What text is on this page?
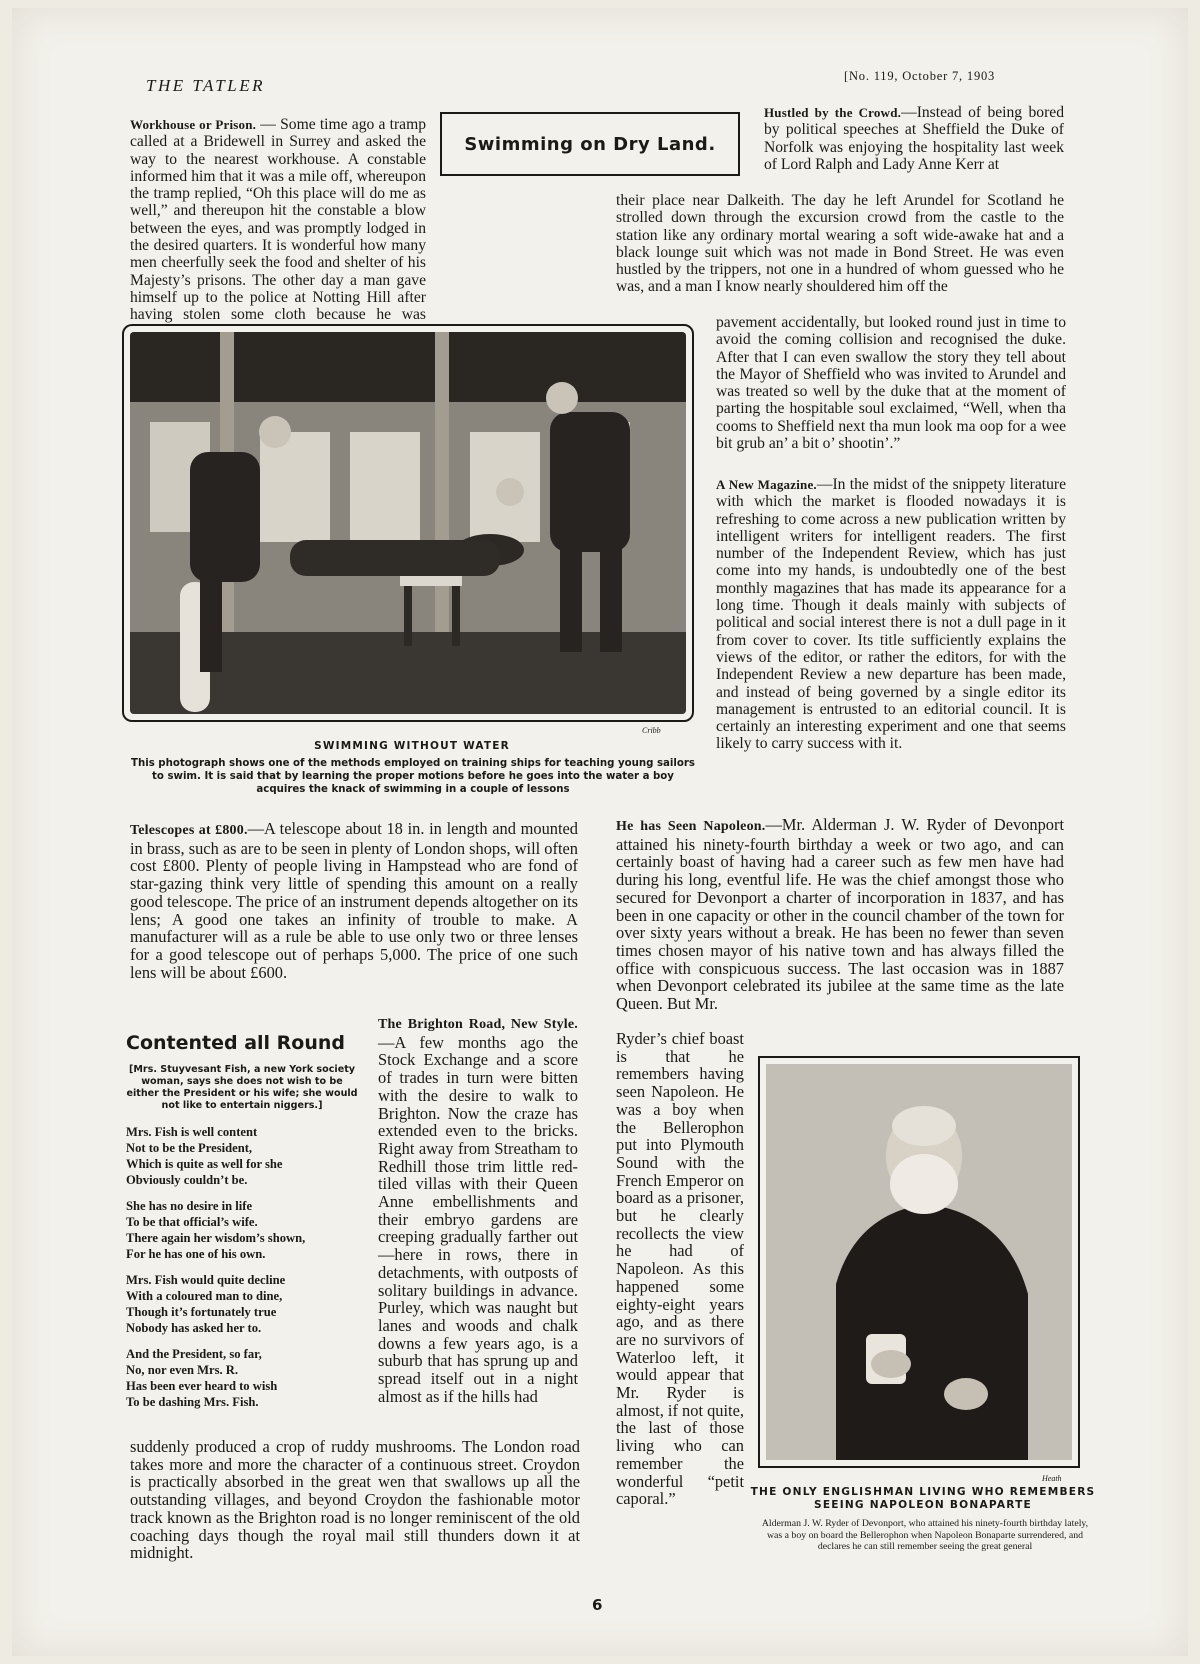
THE TATLER	[No. 119, October 7, 1903
Workhouse or Prison. — Some time ago a tramp called at a Bridewell in Surrey and asked the way to the nearest workhouse. A constable informed him that it was a mile off, whereupon the tramp replied, “Oh this place will do me as well,” and thereupon hit the constable a blow between the eyes, and was promptly lodged in the desired quarters. It is wonderful how many men cheerfully seek the food and shelter of his Majesty’s prisons. The other day a man gave himself up to the police at Notting Hill after having stolen some cloth because he was
Swimming on Dry Land.
Hustled by the Crowd.—Instead of being bored by political speeches at Sheffield the Duke of Norfolk was enjoying the hospitality last week of Lord Ralph and Lady Anne Kerr at
their place near Dalkeith. The day he left Arundel for Scotland he strolled down through the excursion crowd from the castle to the station like any ordinary mortal wearing a soft wide-awake hat and a black lounge suit which was not made in Bond Street. He was even hustled by the trippers, not one in a hundred of whom guessed who he was, and a man I know nearly shouldered him off the
pavement accidentally, but looked round just in time to avoid the coming collision and recognised the duke. After that I can even swallow the story they tell about the Mayor of Sheffield who was invited to Arundel and was treated so well by the duke that at the moment of parting the hospitable soul exclaimed, “Well, when tha cooms to Sheffield next tha mun look ma oop for a wee bit grub an’ a bit o’ shootin’.”
Cribb
SWIMMING WITHOUT WATER
This photograph shows one of the methods employed on training ships for teaching young sailors to swim. It is said that by learning the proper motions before he goes into the water a boy acquires the knack of swimming in a couple of lessons
A New Magazine.—In the midst of the snippety literature with which the market is flooded nowadays it is refreshing to come across a new publication written by intelligent writers for intelligent readers. The first number of the Independent Review, which has just come into my hands, is undoubtedly one of the best monthly magazines that has made its appearance for a long time. Though it deals mainly with subjects of political and social interest there is not a dull page in it from cover to cover. Its title sufficiently explains the views of the editor, or rather the editors, for with the Independent Review a new departure has been made, and instead of being governed by a single editor its management is entrusted to an editorial council. It is certainly an interesting experiment and one that seems likely to carry success with it.
Telescopes at £800.—A telescope about 18 in. in length and mounted in brass, such as are to be seen in plenty of London shops, will often cost £800. Plenty of people living in Hampstead who are fond of star-gazing think very little of spending this amount on a really good telescope. The price of an instrument depends altogether on its lens; A good one takes an infinity of trouble to make. A manufacturer will as a rule be able to use only two or three lenses for a good telescope out of perhaps 5,000. The price of one such lens will be about £600.
He has Seen Napoleon.—Mr. Alderman J. W. Ryder of Devonport attained his ninety-fourth birthday a week or two ago, and can certainly boast of having had a career such as few men have had during his long, eventful life. He was the chief amongst those who secured for Devonport a charter of incorporation in 1837, and has been in one capacity or other in the council chamber of the town for over sixty years without a break. He has been no fewer than seven times chosen mayor of his native town and has always filled the office with conspicuous success. The last occasion was in 1887 when Devonport celebrated its jubilee at the same time as the late Queen. But Mr.
Ryder’s chief boast is that he remembers having seen Napoleon. He was a boy when the Bellerophon put into Plymouth Sound with the French Emperor on board as a prisoner, but he clearly recollects the view he had of Napoleon. As this happened some eighty-eight years ago, and as there are no survivors of Waterloo left, it would appear that Mr. Ryder is almost, if not quite, the last of those living who can remember the wonderful “petit caporal.”
Contented all Round
[Mrs. Stuyvesant Fish, a new York society woman, says she does not wish to be either the President or his wife; she would not like to entertain niggers.]
Mrs. Fish is well content
Not to be the President,
Which is quite as well for she
Obviously couldn’t be.
She has no desire in life
To be that official’s wife.
There again her wisdom’s shown,
For he has one of his own.
Mrs. Fish would quite decline
With a coloured man to dine,
Though it’s fortunately true
Nobody has asked her to.
And the President, so far,
No, nor even Mrs. R.
Has been ever heard to wish
To be dashing Mrs. Fish.
The Brighton Road, New Style.—A few months ago the Stock Exchange and a score of trades in turn were bitten with the desire to walk to Brighton. Now the craze has extended even to the bricks. Right away from Streatham to Redhill those trim little red-tiled villas with their Queen Anne embellishments and their embryo gardens are creeping gradually farther out—here in rows, there in detachments, with outposts of solitary buildings in advance. Purley, which was naught but lanes and woods and chalk downs a few years ago, is a suburb that has sprung up and spread itself out in a night almost as if the hills had
suddenly produced a crop of ruddy mushrooms. The London road takes more and more the character of a continuous street. Croydon is practically absorbed in the great wen that swallows up all the outstanding villages, and beyond Croydon the fashionable motor track known as the Brighton road is no longer reminiscent of the old coaching days though the royal mail still thunders down it at midnight.
Heath
THE ONLY ENGLISHMAN LIVING WHO REMEMBERS SEEING NAPOLEON BONAPARTE
Alderman J. W. Ryder of Devonport, who attained his ninety-fourth birthday lately, was a boy on board the Bellerophon when Napoleon Bonaparte surrendered, and declares he can still remember seeing the great general
6
